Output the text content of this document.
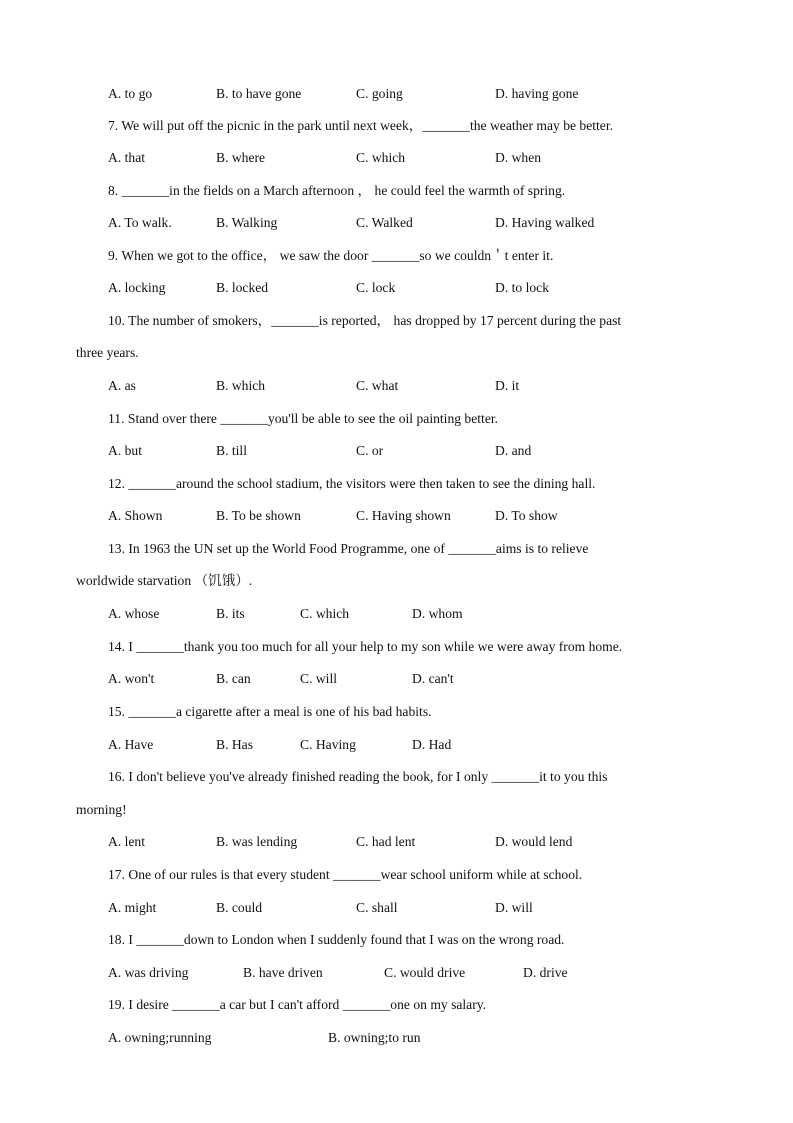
A. to go	B. to have gone	C. going	D. having gone
7. We will put off the picnic in the park until next week，_______the weather may be better.
A. that	B. where	C. which	D. when
8. _______in the fields on a March afternoon ， he could feel the warmth of spring.
A. To walk.	B. Walking	C. Walked	D. Having walked
9. When we got to the office， we saw the door _______so we couldn＇t enter it.
A. locking	B. locked	C. lock	D. to lock
10. The number of smokers，_______is reported， has dropped by 17 percent during the past
three years.
A. as	B. which	C. what	D. it
11. Stand over there _______you'll be able to see the oil painting better.
A. but	B. till	C. or	D. and
12. _______around the school stadium, the visitors were then taken to see the dining hall.
A. Shown	B. To be shown	C. Having shown	D. To show
13. In 1963 the UN set up the World Food Programme, one of _______aims is to relieve
worldwide starvation （饥饿）.
A. whose	B. its	C. which	D. whom
14. I _______thank you too much for all your help to my son while we were away from home.
A. won't	B. can	C. will	D. can't
15. _______a cigarette after a meal is one of his bad habits.
A. Have	B. Has	C. Having	D. Had
16. I don't believe you've already finished reading the book, for I only _______it to you this
morning!
A. lent	B. was lending	C. had lent	D. would lend
17. One of our rules is that every student _______wear school uniform while at school.
A. might	B. could	C. shall	D. will
18. I _______down to London when I suddenly found that I was on the wrong road.
A. was driving	B. have driven	C. would drive	D. drive
19. I desire _______a car but I can't afford _______one on my salary.
A. owning;running	B. owning;to run
